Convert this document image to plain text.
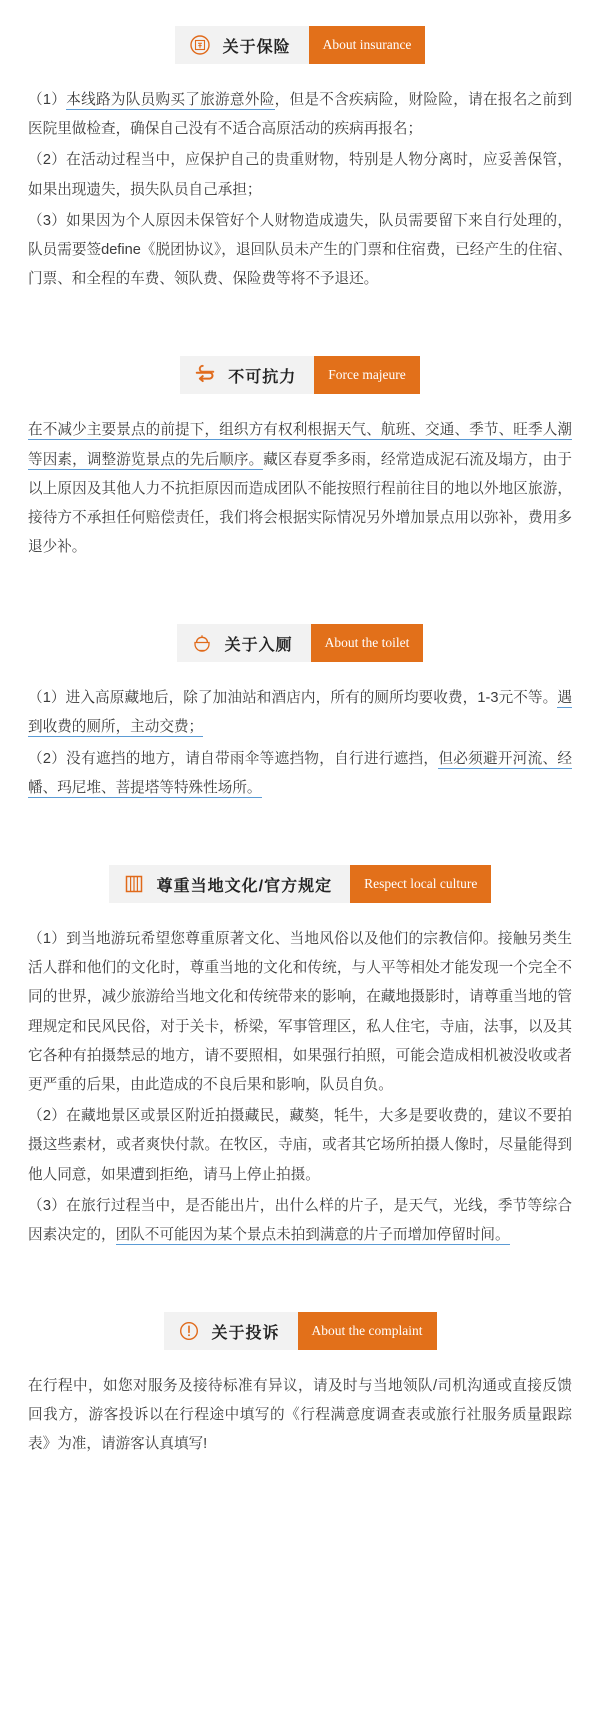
关于保险	About insurance

（1）本线路为队员购买了旅游意外险，但是不含疾病险，财险险，请在报名之前到医院里做检查，确保自己没有不适合高原活动的疾病再报名；

（2）在活动过程当中，应保护自己的贵重财物，特别是人物分离时，应妥善保管，如果出现遗失，损失队员自己承担；

（3）如果因为个人原因未保管好个人财物造成遗失，队员需要留下来自行处理的，队员需要签define《脱团协议》，退回队员未产生的门票和住宿费，已经产生的住宿、门票、和全程的车费、领队费、保险费等将不予退还。

不可抗力	Force majeure

在不减少主要景点的前提下，组织方有权利根据天气、航班、交通、季节、旺季人潮等因素，调整游览景点的先后顺序。藏区春夏季多雨，经常造成泥石流及塌方，由于以上原因及其他人力不抗拒原因而造成团队不能按照行程前往目的地以外地区旅游，接待方不承担任何赔偿责任，我们将会根据实际情况另外增加景点用以弥补，费用多退少补。

关于入厕	About the toilet

（1）进入高原藏地后，除了加油站和酒店内，所有的厕所均要收费，1-3元不等。遇到收费的厕所，主动交费；

（2）没有遮挡的地方，请自带雨伞等遮挡物，自行进行遮挡，但必须避开河流、经幡、玛尼堆、菩提塔等特殊性场所。

尊重当地文化/官方规定	Respect local culture

（1）到当地游玩希望您尊重原著文化、当地风俗以及他们的宗教信仰。接触另类生活人群和他们的文化时，尊重当地的文化和传统，与人平等相处才能发现一个完全不同的世界，减少旅游给当地文化和传统带来的影响，在藏地摄影时，请尊重当地的管理规定和民风民俗，对于关卡，桥梁，军事管理区，私人住宅，寺庙，法事，以及其它各种有拍摄禁忌的地方，请不要照相，如果强行拍照，可能会造成相机被没收或者更严重的后果，由此造成的不良后果和影响，队员自负。

（2）在藏地景区或景区附近拍摄藏民，藏獒，牦牛，大多是要收费的，建议不要拍摄这些素材，或者爽快付款。在牧区，寺庙，或者其它场所拍摄人像时，尽量能得到他人同意，如果遭到拒绝，请马上停止拍摄。

（3）在旅行过程当中，是否能出片，出什么样的片子，是天气，光线，季节等综合因素决定的，团队不可能因为某个景点未拍到满意的片子而增加停留时间。

关于投诉	About the complaint

在行程中，如您对服务及接待标准有异议，请及时与当地领队/司机沟通或直接反馈回我方，游客投诉以在行程途中填写的《行程满意度调查表或旅行社服务质量跟踪表》为准，请游客认真填写!
